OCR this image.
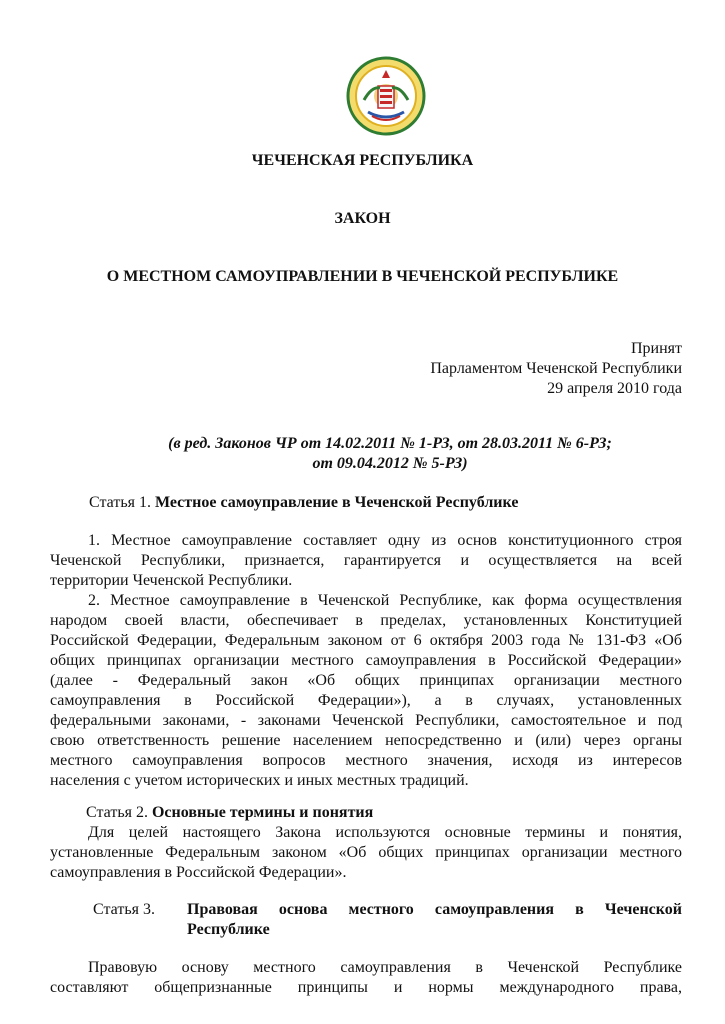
ЧЕЧЕНСКАЯ РЕСПУБЛИКА
ЗАКОН
О МЕСТНОМ САМОУПРАВЛЕНИИ В ЧЕЧЕНСКОЙ РЕСПУБЛИКЕ
Принят
Парламентом Чеченской Республики
29 апреля 2010 года
(в ред. Законов ЧР от 14.02.2011 № 1-РЗ, от 28.03.2011 № 6-РЗ;
от 09.04.2012 № 5-РЗ)
Статья 1. Местное самоуправление в Чеченской Республике
1. Местное самоуправление составляет одну из основ конституционного строя
Чеченской Республики, признается, гарантируется и осуществляется на всей
территории Чеченской Республики.
2. Местное самоуправление в Чеченской Республике, как форма осуществления
народом своей власти, обеспечивает в пределах, установленных Конституцией
Российской Федерации, Федеральным законом от 6 октября 2003 года № 131-ФЗ «Об
общих принципах организации местного самоуправления в Российской Федерации»
(далее - Федеральный закон «Об общих принципах организации местного
самоуправления в Российской Федерации»), а в случаях, установленных
федеральными законами, - законами Чеченской Республики, самостоятельное и под
свою ответственность решение населением непосредственно и (или) через органы
местного самоуправления вопросов местного значения, исходя из интересов
населения с учетом исторических и иных местных традиций.
Статья 2. Основные термины и понятия
Для целей настоящего Закона используются основные термины и понятия,
установленные Федеральным законом «Об общих принципах организации местного
самоуправления в Российской Федерации».
Статья 3. Правовая основа местного самоуправления в Чеченской
Республике
Правовую основу местного самоуправления в Чеченской Республике
составляют общепризнанные принципы и нормы международного права,
